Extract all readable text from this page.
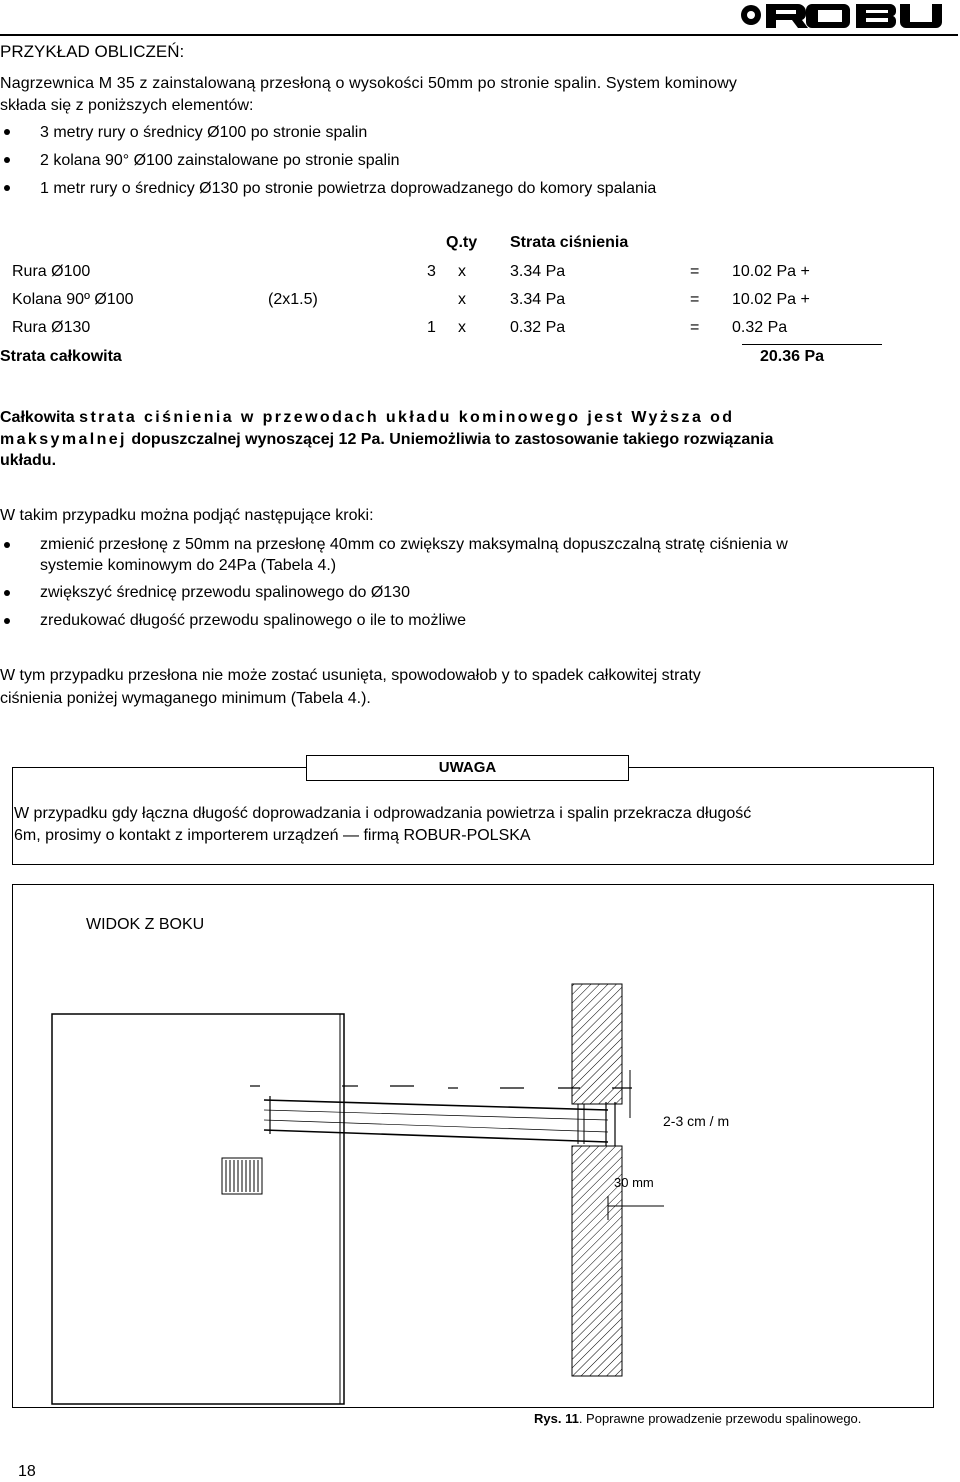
PRZYKŁAD OBLICZEŃ:
Nagrzewnica M 35 z zainstalowaną przesłoną o wysokości 50mm po stronie spalin. System kominowy
składa się z poniższych elementów:
3 metry rury o średnicy Ø100 po stronie spalin
2 kolana 90° Ø100 zainstalowane po stronie spalin
1 metr rury o średnicy Ø130 po stronie powietrza doprowadzanego do komory spalania
Q.ty Strata ciśnienia
Rura Ø100	3 x	3.34 Pa	= 10.02 Pa +
Kolana 90º Ø100	(2x1.5)	x	3.34 Pa	= 10.02 Pa +
Rura Ø130	1 x	0.32 Pa	= 0.32 Pa
Strata całkowita	20.36 Pa
Całkowita strata ciśnienia w przewodach układu kominowego jest Wyższa od
maksymalnej dopuszczalnej wynoszącej 12 Pa. Uniemożliwia to zastosowanie takiego rozwiązania
układu.
W takim przypadku można podjąć następujące kroki:
zmienić przesłonę z 50mm na przesłonę 40mm co zwiększy maksymalną dopuszczalną stratę ciśnienia w
systemie kominowym do 24Pa (Tabela 4.)
zwiększyć średnicę przewodu spalinowego do Ø130
zredukować długość przewodu spalinowego o ile to możliwe
W tym przypadku przesłona nie może zostać usunięta, spowodowałob y to spadek całkowitej straty
ciśnienia poniżej wymaganego minimum (Tabela 4.).
UWAGA
W przypadku gdy łączna długość doprowadzania i odprowadzania powietrza i spalin przekracza długość
6m, prosimy o kontakt z importerem urządzeń — firmą ROBUR-POLSKA
WIDOK Z BOKU
2-3 cm / m
30 mm
Rys. 11. Poprawne prowadzenie przewodu spalinowego.
18
